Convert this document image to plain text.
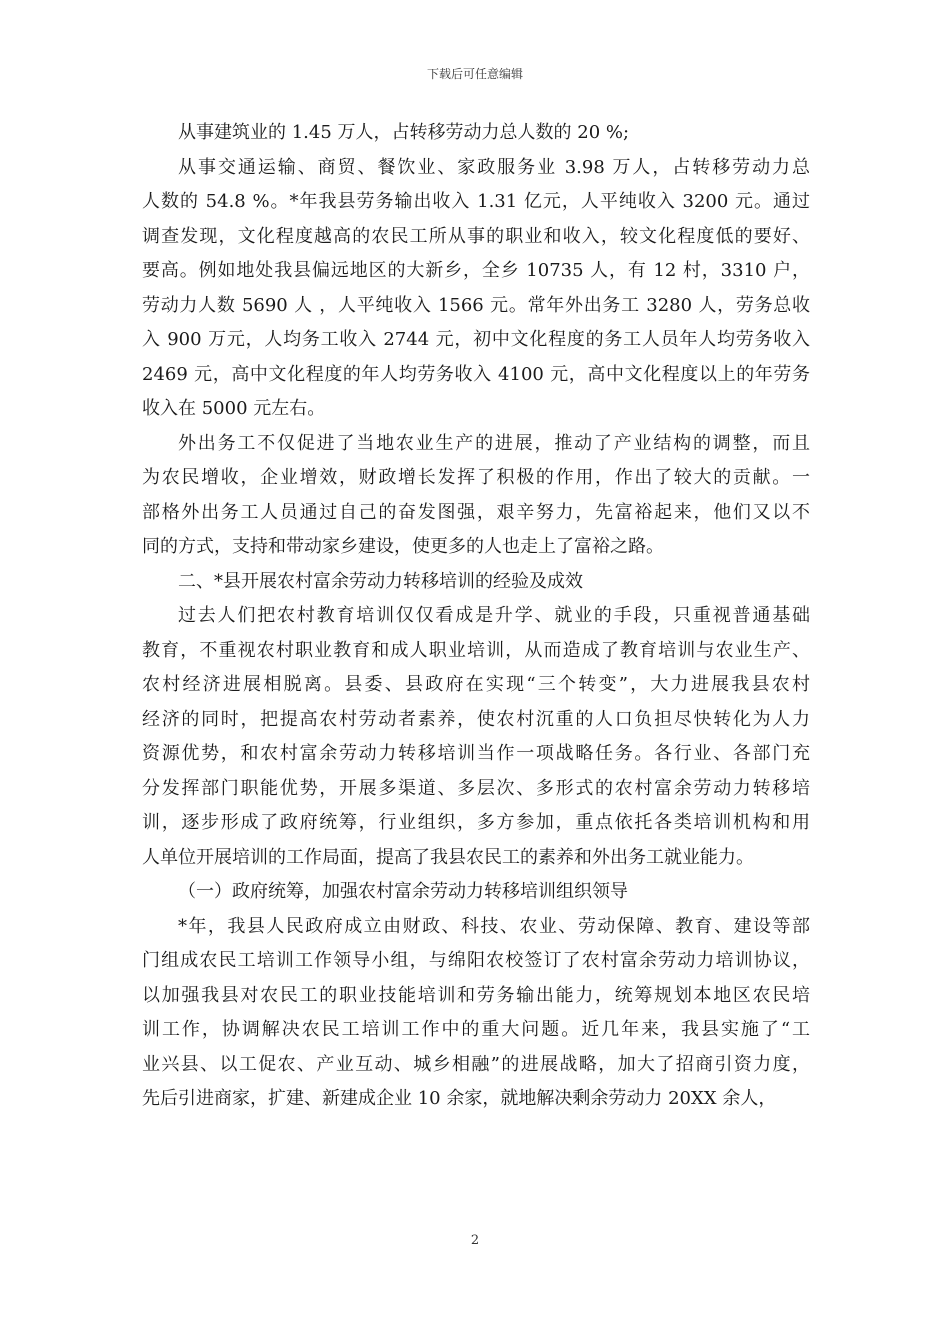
下载后可任意编辑
从事建筑业的 1.45 万人，占转移劳动力总人数的 20 %;
从事交通运输、商贸、餐饮业、家政服务业 3.98 万人，占转移劳动力总
人数的 54.8 %。*年我县劳务输出收入 1.31 亿元，人平纯收入 3200 元。通过
调查发现，文化程度越高的农民工所从事的职业和收入，较文化程度低的要好、
要高。例如地处我县偏远地区的大新乡，全乡 10735 人，有 12 村，3310 户，
劳动力人数 5690 人 ，人平纯收入 1566 元。常年外出务工 3280 人，劳务总收
入 900 万元，人均务工收入 2744 元，初中文化程度的务工人员年人均劳务收入
2469 元，高中文化程度的年人均劳务收入 4100 元，高中文化程度以上的年劳务
收入在 5000 元左右。
外出务工不仅促进了当地农业生产的进展，推动了产业结构的调整，而且
为农民增收，企业增效，财政增长发挥了积极的作用，作出了较大的贡献。一
部格外出务工人员通过自己的奋发图强，艰辛努力，先富裕起来，他们又以不
同的方式，支持和带动家乡建设，使更多的人也走上了富裕之路。
二、*县开展农村富余劳动力转移培训的经验及成效
过去人们把农村教育培训仅仅看成是升学、就业的手段，只重视普通基础
教育，不重视农村职业教育和成人职业培训，从而造成了教育培训与农业生产、
农村经济进展相脱离。县委、县政府在实现“三个转变”，大力进展我县农村
经济的同时，把提高农村劳动者素养，使农村沉重的人口负担尽快转化为人力
资源优势，和农村富余劳动力转移培训当作一项战略任务。各行业、各部门充
分发挥部门职能优势，开展多渠道、多层次、多形式的农村富余劳动力转移培
训，逐步形成了政府统筹，行业组织，多方参加，重点依托各类培训机构和用
人单位开展培训的工作局面，提高了我县农民工的素养和外出务工就业能力。
（一）政府统筹，加强农村富余劳动力转移培训组织领导
*年，我县人民政府成立由财政、科技、农业、劳动保障、教育、建设等部
门组成农民工培训工作领导小组，与绵阳农校签订了农村富余劳动力培训协议，
以加强我县对农民工的职业技能培训和劳务输出能力，统筹规划本地区农民培
训工作，协调解决农民工培训工作中的重大问题。近几年来，我县实施了“工
业兴县、以工促农、产业互动、城乡相融”的进展战略，加大了招商引资力度，
先后引进商家，扩建、新建成企业 10 余家，就地解决剩余劳动力 20XX 余人，
2
